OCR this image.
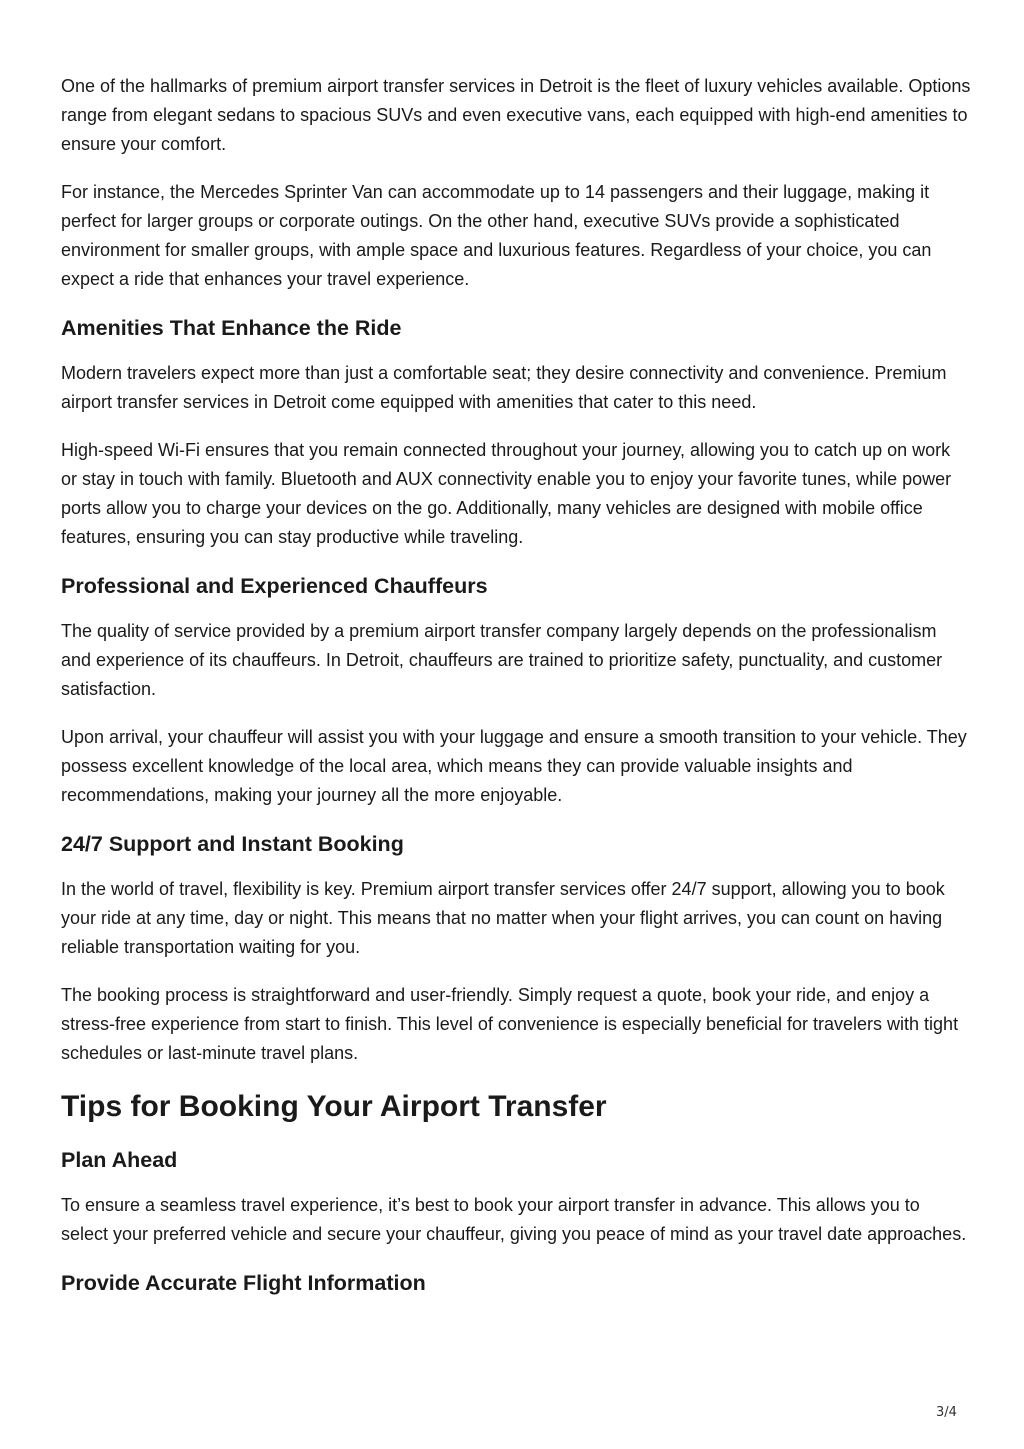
One of the hallmarks of premium airport transfer services in Detroit is the fleet of luxury vehicles available. Options range from elegant sedans to spacious SUVs and even executive vans, each equipped with high-end amenities to ensure your comfort.

For instance, the Mercedes Sprinter Van can accommodate up to 14 passengers and their luggage, making it perfect for larger groups or corporate outings. On the other hand, executive SUVs provide a sophisticated environment for smaller groups, with ample space and luxurious features. Regardless of your choice, you can expect a ride that enhances your travel experience.

Amenities That Enhance the Ride

Modern travelers expect more than just a comfortable seat; they desire connectivity and convenience. Premium airport transfer services in Detroit come equipped with amenities that cater to this need.

High-speed Wi-Fi ensures that you remain connected throughout your journey, allowing you to catch up on work or stay in touch with family. Bluetooth and AUX connectivity enable you to enjoy your favorite tunes, while power ports allow you to charge your devices on the go. Additionally, many vehicles are designed with mobile office features, ensuring you can stay productive while traveling.

Professional and Experienced Chauffeurs

The quality of service provided by a premium airport transfer company largely depends on the professionalism and experience of its chauffeurs. In Detroit, chauffeurs are trained to prioritize safety, punctuality, and customer satisfaction.

Upon arrival, your chauffeur will assist you with your luggage and ensure a smooth transition to your vehicle. They possess excellent knowledge of the local area, which means they can provide valuable insights and recommendations, making your journey all the more enjoyable.

24/7 Support and Instant Booking

In the world of travel, flexibility is key. Premium airport transfer services offer 24/7 support, allowing you to book your ride at any time, day or night. This means that no matter when your flight arrives, you can count on having reliable transportation waiting for you.

The booking process is straightforward and user-friendly. Simply request a quote, book your ride, and enjoy a stress-free experience from start to finish. This level of convenience is especially beneficial for travelers with tight schedules or last-minute travel plans.

Tips for Booking Your Airport Transfer
Plan Ahead

To ensure a seamless travel experience, it’s best to book your airport transfer in advance. This allows you to select your preferred vehicle and secure your chauffeur, giving you peace of mind as your travel date approaches.

Provide Accurate Flight Information
3/4
